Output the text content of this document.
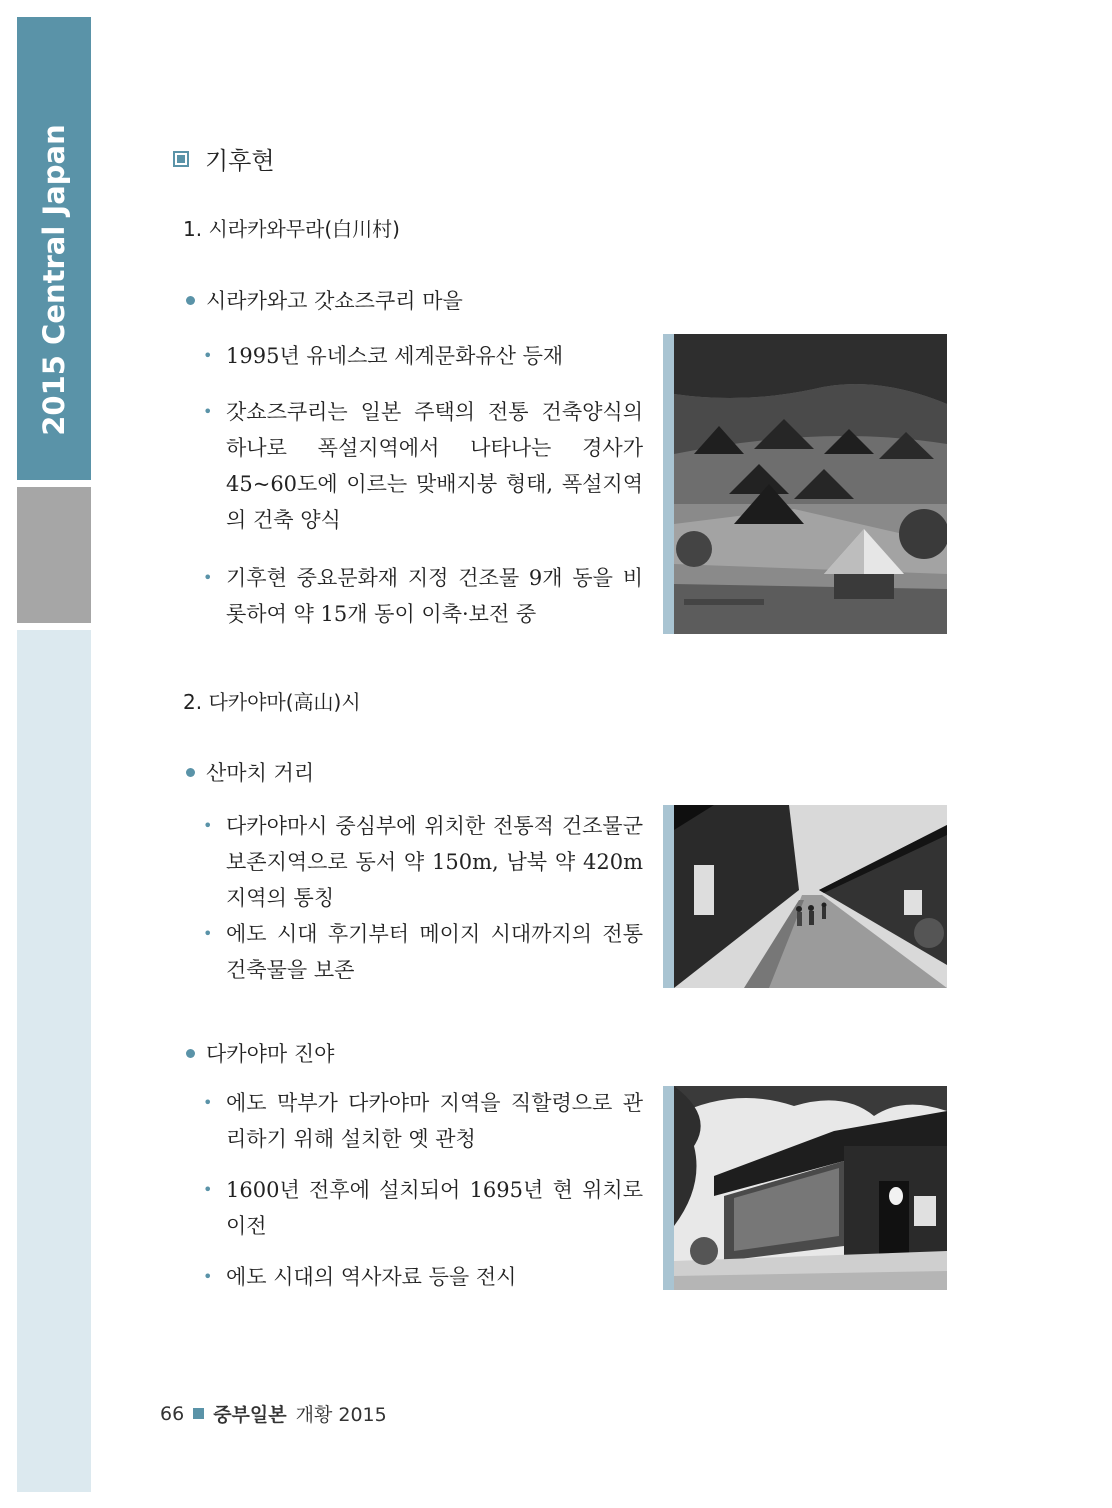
2015 Central Japan	기후현
1. 시라카와무라(白川村)
시라카와고 갓쇼즈쿠리 마을
• 1995년 유네스코 세계문화유산 등재
• 갓쇼즈쿠리는 일본 주택의 전통 건축양식의 하나로 폭설지역에서 나타나는 경사가 45~60도에 이르는 맞배지붕 형태, 폭설지역의 건축 양식
• 기후현 중요문화재 지정 건조물 9개 동을 비롯하여 약 15개 동이 이축·보전 중
2. 다카야마(高山)시
산마치 거리
• 다카야마시 중심부에 위치한 전통적 건조물군 보존지역으로 동서 약 150m, 남북 약 420m 지역의 통칭
• 에도 시대 후기부터 메이지 시대까지의 전통 건축물을 보존
다카야마 진야
• 에도 막부가 다카야마 지역을 직할령으로 관리하기 위해 설치한 옛 관청
• 1600년 전후에 설치되어 1695년 현 위치로 이전
• 에도 시대의 역사자료 등을 전시
66 중부일본 개황 2015
